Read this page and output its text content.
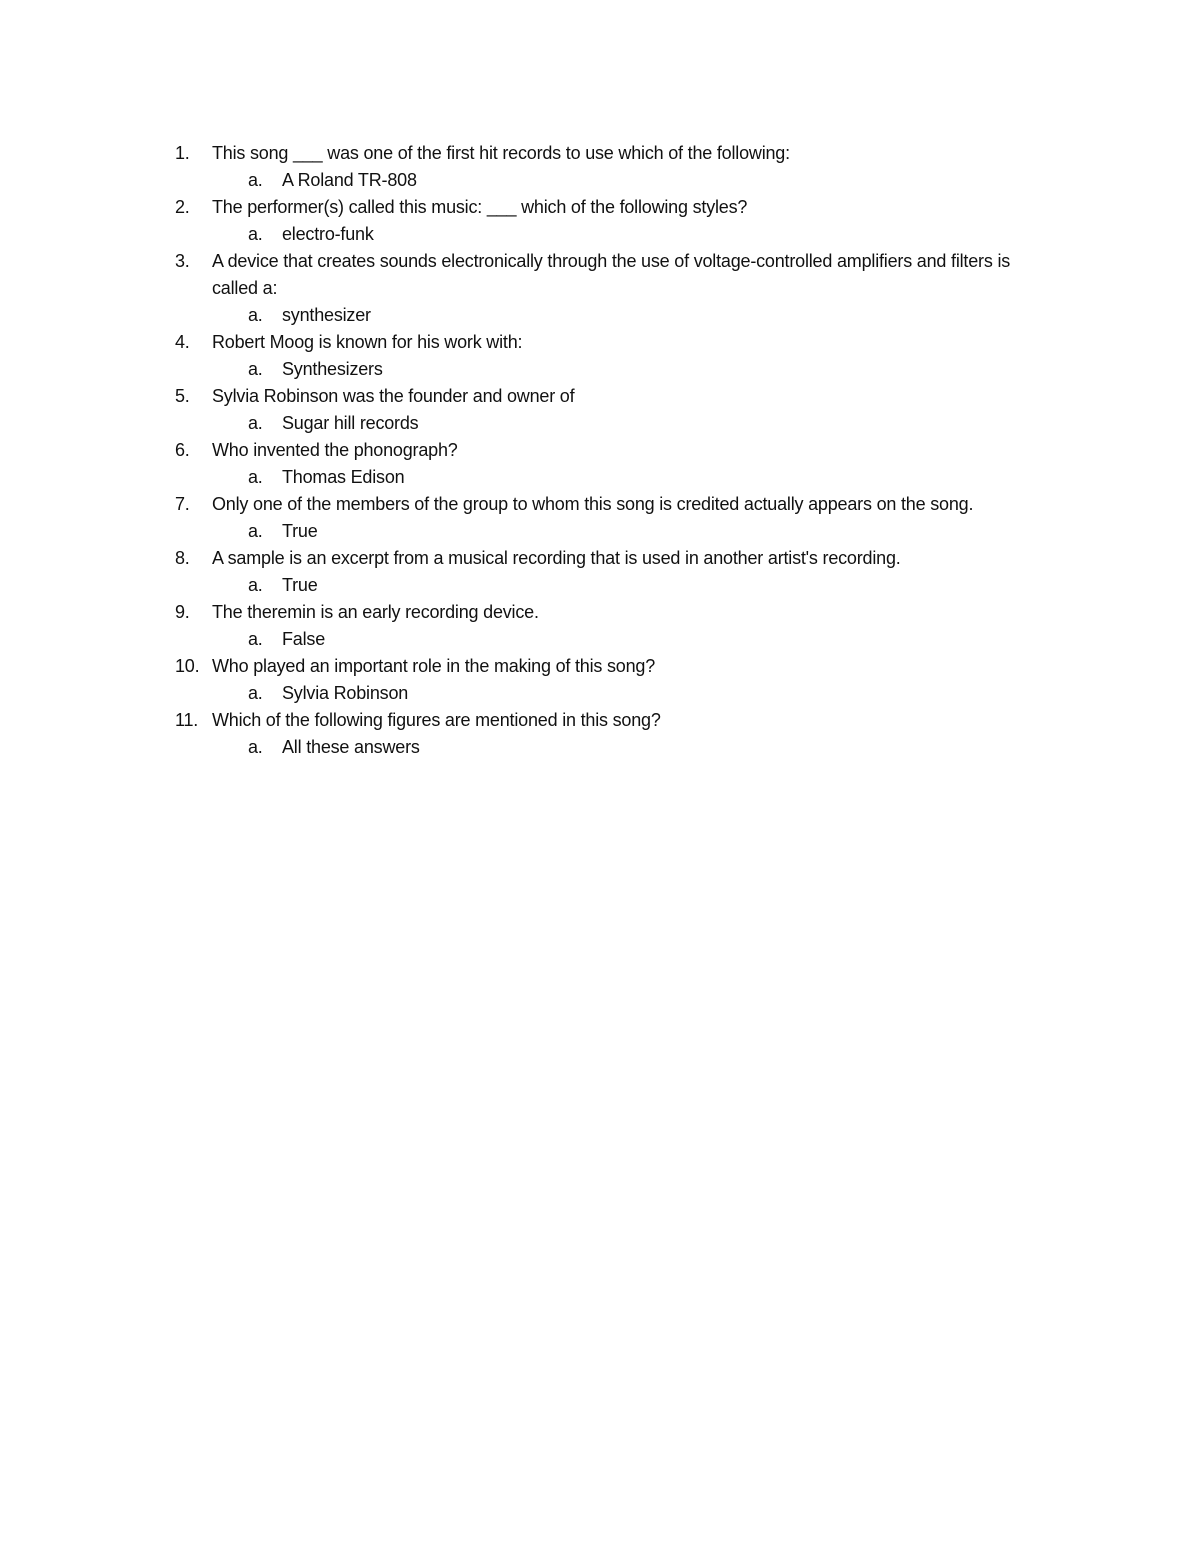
1.	This song ___ was one of the first hit records to use which of the following:
a.	A Roland TR-808
2.	The performer(s) called this music: ___ which of the following styles?
a.	electro-funk
3.	A device that creates sounds electronically through the use of voltage-controlled amplifiers and filters is called a:
a.	synthesizer
4.	Robert Moog is known for his work with:
a.	Synthesizers
5.	Sylvia Robinson was the founder and owner of
a.	Sugar hill records
6.	Who invented the phonograph?
a.	Thomas Edison
7.	Only one of the members of the group to whom this song is credited actually appears on the song.
a.	True
8.	A sample is an excerpt from a musical recording that is used in another artist's recording.
a.	True
9.	The theremin is an early recording device.
a.	False
10. Who played an important role in the making of this song?
a.	Sylvia Robinson
11. Which of the following figures are mentioned in this song?
a.	All these answers
